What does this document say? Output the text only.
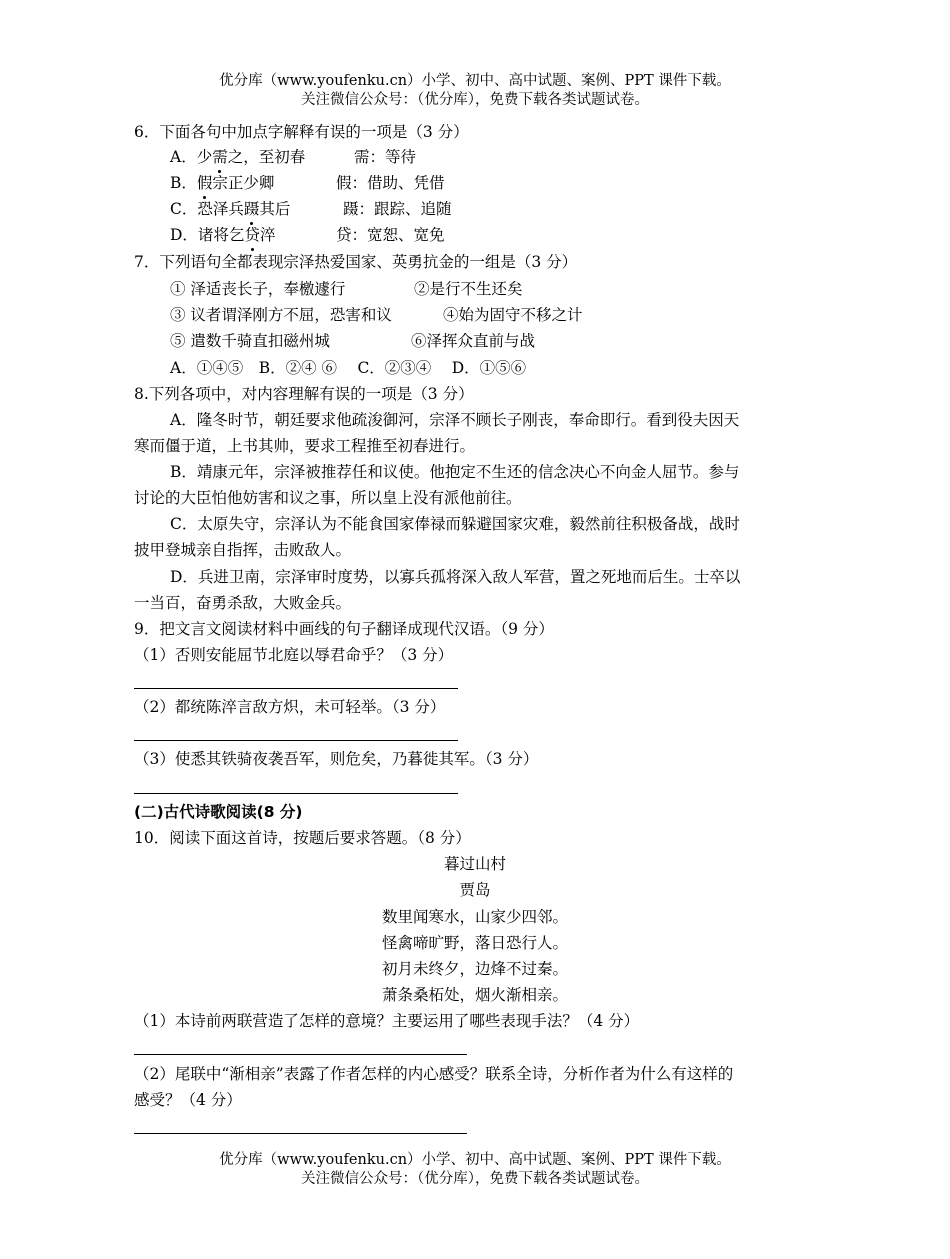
优分库（www.youfenku.cn）小学、初中、高中试题、案例、PPT 课件下载。
关注微信公众号：（优分库），免费下载各类试题试卷。
6．下面各句中加点字解释有误的一项是（3 分）
A．少需之，至初春	需：等待
B．假宗正少卿	假：借助、凭借
C．恐泽兵蹑其后	蹑：跟踪、追随
D．诸将乞贷淬	贷：宽恕、宽免
7．下列语句全都表现宗泽热爱国家、英勇抗金的一组是（3 分）
① 泽适丧长子，奉檄遽行	②是行不生还矣
③ 议者谓泽刚方不屈，恐害和议	④始为固守不移之计
⑤ 遣数千骑直扣磁州城	⑥泽挥众直前与战
A．①④⑤　B．②④ ⑥　 C．②③④　 D．①⑤⑥
8.下列各项中，对内容理解有误的一项是（3 分）
A．隆冬时节，朝廷要求他疏浚御河，宗泽不顾长子刚丧，奉命即行。看到役夫因天
寒而僵于道，上书其帅，要求工程推至初春进行。
B．靖康元年，宗泽被推荐任和议使。他抱定不生还的信念决心不向金人屈节。参与
讨论的大臣怕他妨害和议之事，所以皇上没有派他前往。
C．太原失守，宗泽认为不能食国家俸禄而躲避国家灾难，毅然前往积极备战，战时
披甲登城亲自指挥，击败敌人。
D．兵进卫南，宗泽审时度势，以寡兵孤将深入敌人军营，置之死地而后生。士卒以
一当百，奋勇杀敌，大败金兵。
9．把文言文阅读材料中画线的句子翻译成现代汉语。（9 分）
（1）否则安能屈节北庭以辱君命乎？（3 分）
（2）都统陈淬言敌方炽，未可轻举。（3 分）
（3）使悉其铁骑夜袭吾军，则危矣，乃暮徙其军。（3 分）
(二)古代诗歌阅读(8 分)
10．阅读下面这首诗，按题后要求答题。（8 分）
暮过山村
贾岛
数里闻寒水，山家少四邻。
怪禽啼旷野，落日恐行人。
初月未终夕，边烽不过秦。
萧条桑柘处，烟火渐相亲。
（1）本诗前两联营造了怎样的意境？主要运用了哪些表现手法？（4 分）
（2）尾联中“渐相亲”表露了作者怎样的内心感受？联系全诗，分析作者为什么有这样的
感受？（4 分）
优分库（www.youfenku.cn）小学、初中、高中试题、案例、PPT 课件下载。
关注微信公众号：（优分库），免费下载各类试题试卷。
